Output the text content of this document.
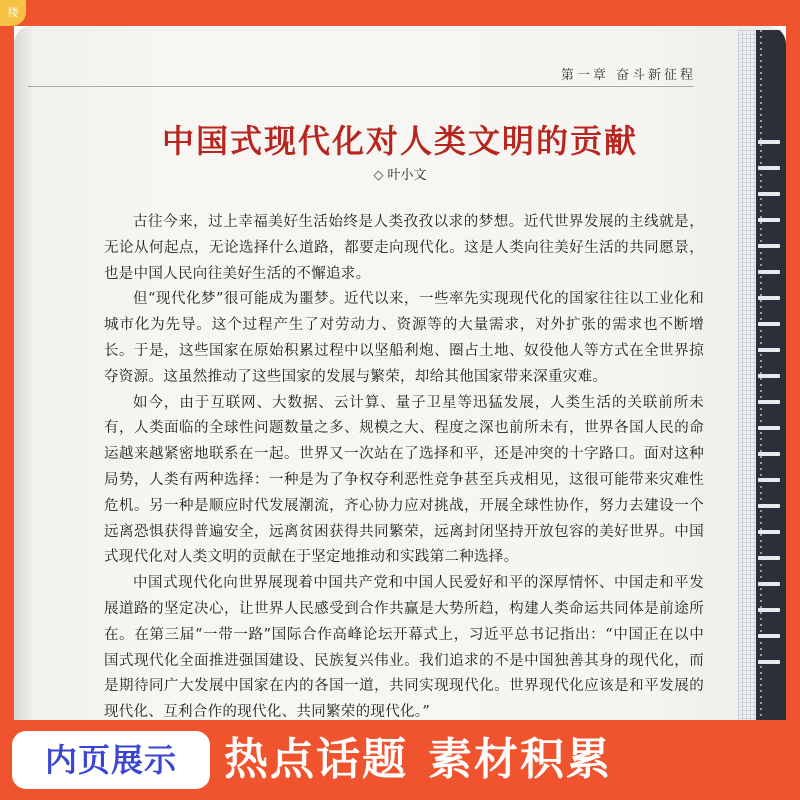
楼
第一章 奋斗新征程
中国式现代化对人类文明的贡献
◇ 叶小文

古往今来，过上幸福美好生活始终是人类孜孜以求的梦想。近代世界发展的主线就是，无论从何起点，无论选择什么道路，都要走向现代化。这是人类向往美好生活的共同愿景，也是中国人民向往美好生活的不懈追求。

但“现代化梦”很可能成为噩梦。近代以来，一些率先实现现代化的国家往往以工业化和城市化为先导。这个过程产生了对劳动力、资源等的大量需求，对外扩张的需求也不断增长。于是，这些国家在原始积累过程中以坚船利炮、圈占土地、奴役他人等方式在全世界掠夺资源。这虽然推动了这些国家的发展与繁荣，却给其他国家带来深重灾难。

如今，由于互联网、大数据、云计算、量子卫星等迅猛发展，人类生活的关联前所未有，人类面临的全球性问题数量之多、规模之大、程度之深也前所未有，世界各国人民的命运越来越紧密地联系在一起。世界又一次站在了选择和平，还是冲突的十字路口。面对这种局势，人类有两种选择：一种是为了争权夺利恶性竞争甚至兵戎相见，这很可能带来灾难性危机。另一种是顺应时代发展潮流，齐心协力应对挑战，开展全球性协作，努力去建设一个远离恐惧获得普遍安全，远离贫困获得共同繁荣，远离封闭坚持开放包容的美好世界。中国式现代化对人类文明的贡献在于坚定地推动和实践第二种选择。

中国式现代化向世界展现着中国共产党和中国人民爱好和平的深厚情怀、中国走和平发展道路的坚定决心，让世界人民感受到合作共赢是大势所趋，构建人类命运共同体是前途所在。在第三届“一带一路”国际合作高峰论坛开幕式上，习近平总书记指出：“中国正在以中国式现代化全面推进强国建设、民族复兴伟业。我们追求的不是中国独善其身的现代化，而是期待同广大发展中国家在内的各国一道，共同实现现代化。世界现代化应该是和平发展的现代化、互利合作的现代化、共同繁荣的现代化。”

内页展示	热点话题 素材积累
